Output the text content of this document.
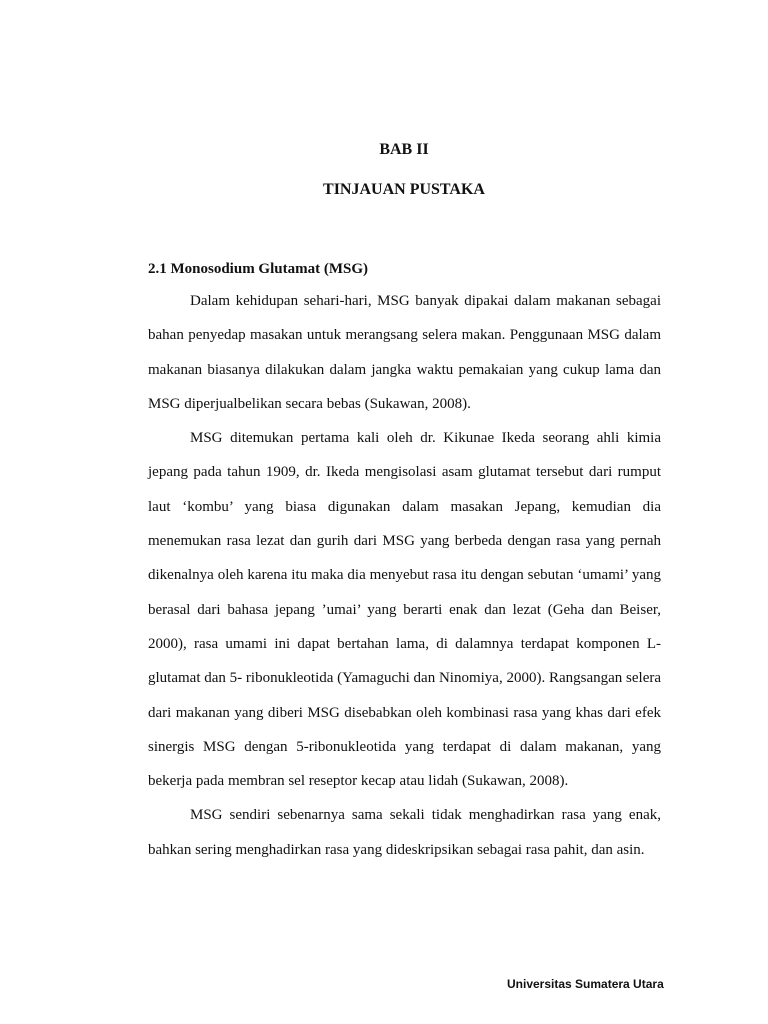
BAB II
TINJAUAN PUSTAKA
2.1 Monosodium Glutamat (MSG)

Dalam kehidupan sehari-hari, MSG banyak dipakai dalam makanan sebagai bahan penyedap masakan untuk merangsang selera makan. Penggunaan MSG dalam makanan biasanya dilakukan dalam jangka waktu pemakaian yang cukup lama dan MSG diperjualbelikan secara bebas (Sukawan, 2008).

MSG ditemukan pertama kali oleh dr. Kikunae Ikeda seorang ahli kimia jepang pada tahun 1909, dr. Ikeda mengisolasi asam glutamat tersebut dari rumput laut ‘kombu’ yang biasa digunakan dalam masakan Jepang, kemudian dia menemukan rasa lezat dan gurih dari MSG yang berbeda dengan rasa yang pernah dikenalnya oleh karena itu maka dia menyebut rasa itu dengan sebutan ‘umami’ yang berasal dari bahasa jepang ’umai’ yang berarti enak dan lezat (Geha dan Beiser, 2000), rasa umami ini dapat bertahan lama, di dalamnya terdapat komponen L-glutamat dan 5- ribonukleotida (Yamaguchi dan Ninomiya, 2000). Rangsangan selera dari makanan yang diberi MSG disebabkan oleh kombinasi rasa yang khas dari efek sinergis MSG dengan 5-ribonukleotida yang terdapat di dalam makanan, yang bekerja pada membran sel reseptor kecap atau lidah (Sukawan, 2008).

MSG sendiri sebenarnya sama sekali tidak menghadirkan rasa yang enak, bahkan sering menghadirkan rasa yang dideskripsikan sebagai rasa pahit, dan asin.

Universitas Sumatera Utara
